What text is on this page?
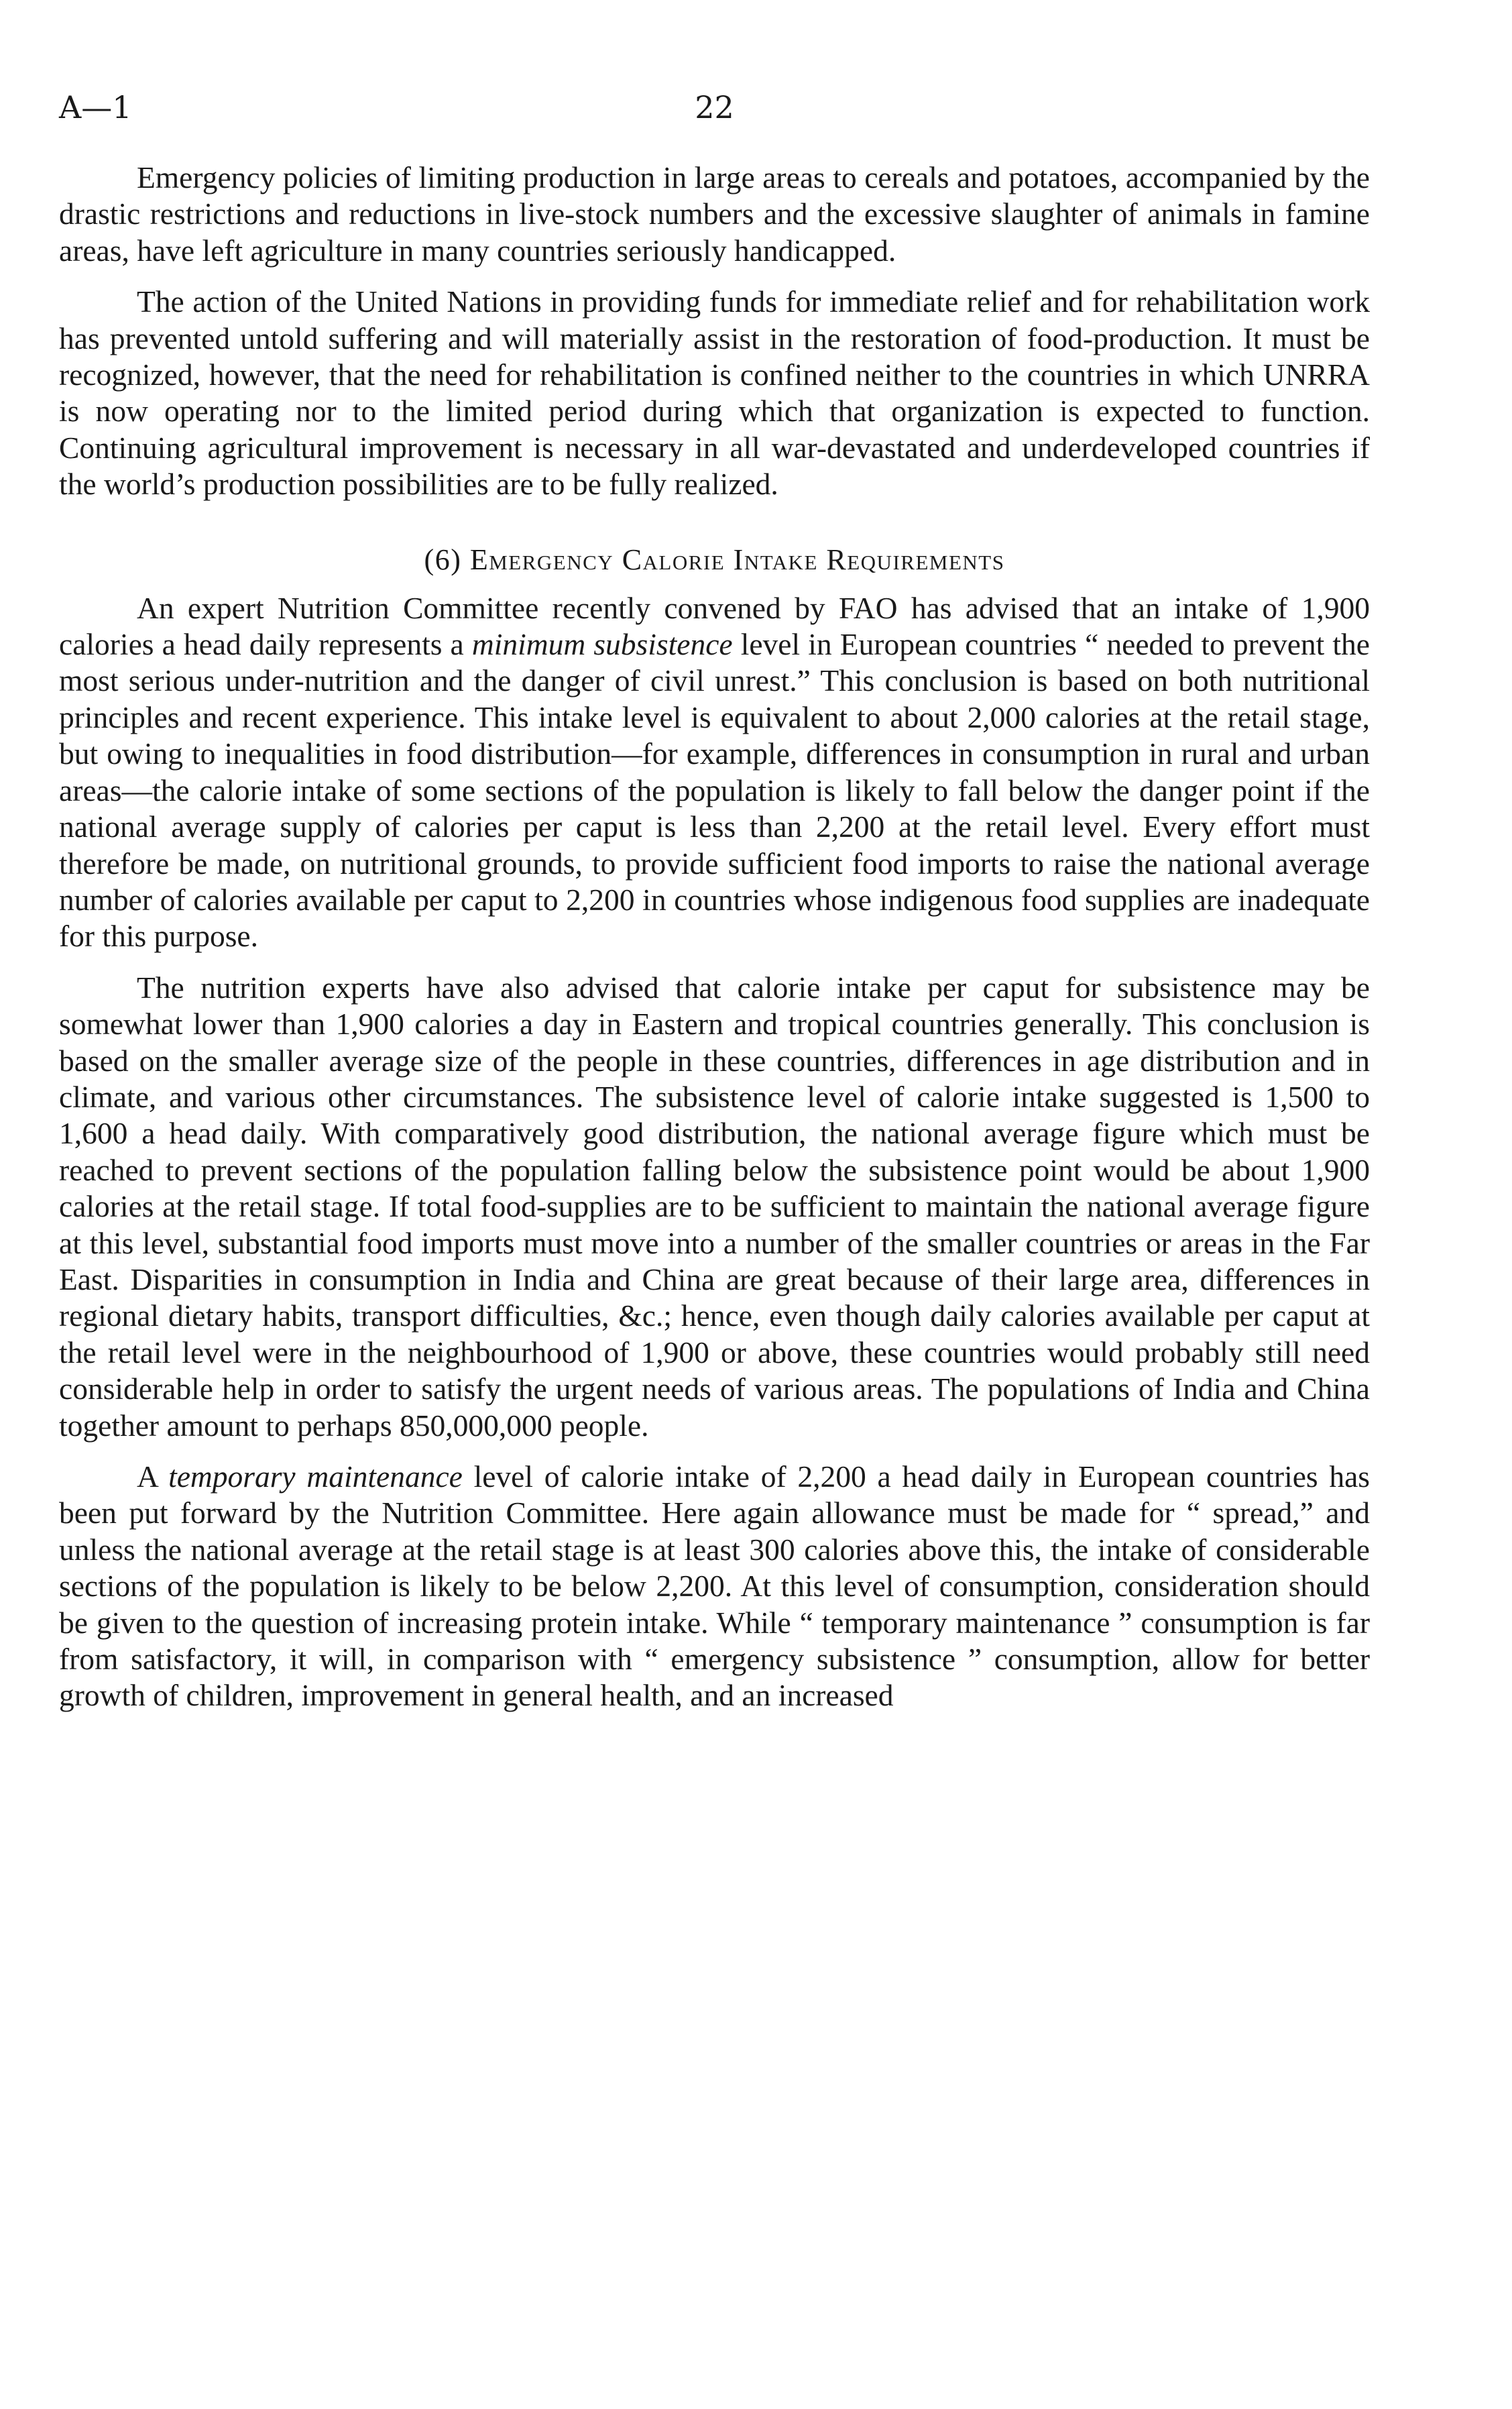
A—1	22

Emergency policies of limiting production in large areas to cereals and potatoes, accompanied by the drastic restrictions and reductions in live-stock numbers and the excessive slaughter of animals in famine areas, have left agriculture in many countries seriously handicapped.

The action of the United Nations in providing funds for immediate relief and for rehabilitation work has prevented untold suffering and will materially assist in the restoration of food-production. It must be recognized, however, that the need for rehabilitation is confined neither to the countries in which UNRRA is now operating nor to the limited period during which that organization is expected to function. Continuing agricultural improvement is necessary in all war-devastated and underdeveloped countries if the world’s production possibilities are to be fully realized.

(6) Emergency Calorie Intake Requirements

An expert Nutrition Committee recently convened by FAO has advised that an intake of 1,900 calories a head daily represents a minimum subsistence level in European countries “ needed to prevent the most serious under-nutrition and the danger of civil unrest.” This conclusion is based on both nutritional principles and recent experience. This intake level is equivalent to about 2,000 calories at the retail stage, but owing to inequalities in food distribution—for example, differences in consumption in rural and urban areas—the calorie intake of some sections of the population is likely to fall below the danger point if the national average supply of calories per caput is less than 2,200 at the retail level. Every effort must therefore be made, on nutritional grounds, to provide sufficient food imports to raise the national average number of calories available per caput to 2,200 in countries whose indigenous food supplies are inadequate for this purpose.

The nutrition experts have also advised that calorie intake per caput for subsistence may be somewhat lower than 1,900 calories a day in Eastern and tropical countries generally. This conclusion is based on the smaller average size of the people in these countries, differences in age distribution and in climate, and various other circumstances. The subsistence level of calorie intake suggested is 1,500 to 1,600 a head daily. With comparatively good distribution, the national average figure which must be reached to prevent sections of the population falling below the subsistence point would be about 1,900 calories at the retail stage. If total food-supplies are to be sufficient to maintain the national average figure at this level, substantial food imports must move into a number of the smaller countries or areas in the Far East. Disparities in consumption in India and China are great because of their large area, differences in regional dietary habits, transport difficulties, &c.; hence, even though daily calories available per caput at the retail level were in the neighbourhood of 1,900 or above, these countries would probably still need considerable help in order to satisfy the urgent needs of various areas. The populations of India and China together amount to perhaps 850,000,000 people.

A temporary maintenance level of calorie intake of 2,200 a head daily in European countries has been put forward by the Nutrition Committee. Here again allowance must be made for “ spread,” and unless the national average at the retail stage is at least 300 calories above this, the intake of considerable sections of the population is likely to be below 2,200. At this level of consumption, consideration should be given to the question of increasing protein intake. While “ temporary maintenance ” consumption is far from satisfactory, it will, in comparison with “ emergency subsistence ” consumption, allow for better growth of children, improvement in general health, and an increased
